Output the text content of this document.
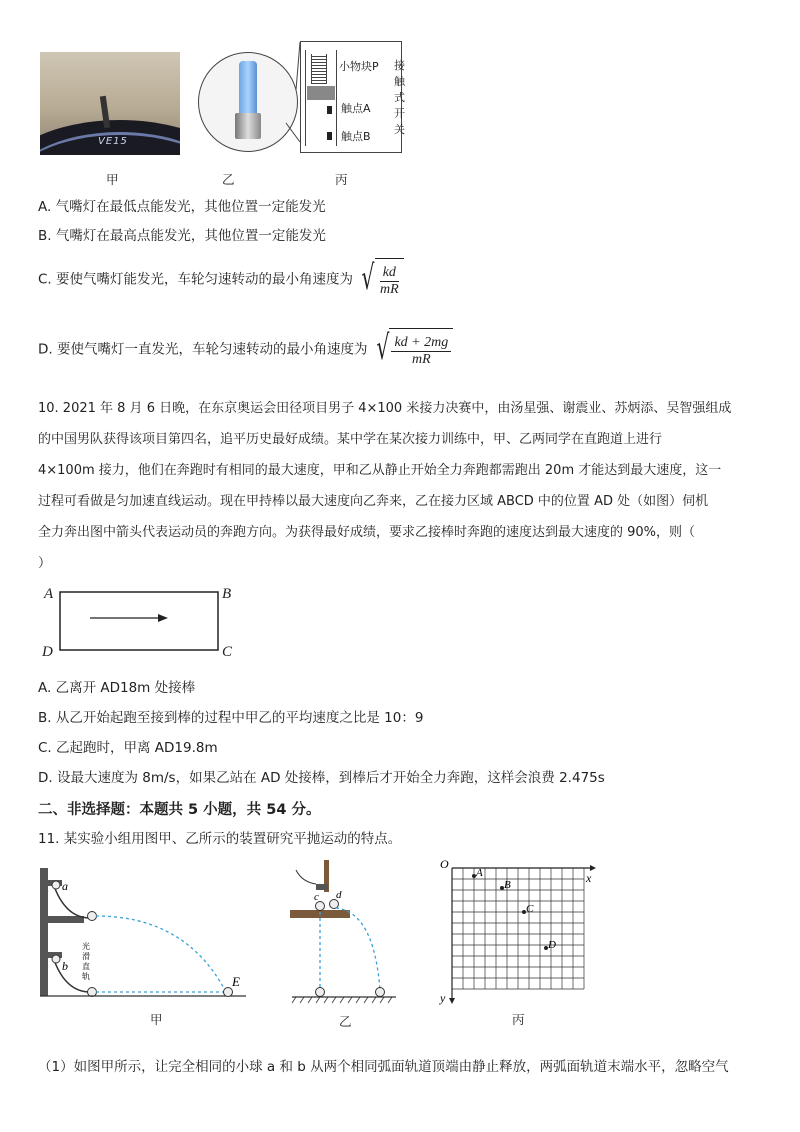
VE15
小物块P
触点A
触点B
接
触
式
开
关
甲	乙	丙
A. 气嘴灯在最低点能发光，其他位置一定能发光
B. 气嘴灯在最高点能发光，其他位置一定能发光
C. 要使气嘴灯能发光，车轮匀速转动的最小角速度为 √ $\frac{kd}{mR}$
D. 要使气嘴灯一直发光，车轮匀速转动的最小角速度为 √ $\frac{kd + 2mg}{mR}$
10. 2021 年 8 月 6 日晚，在东京奥运会田径项目男子 4×100 米接力决赛中，由汤星强、谢震业、苏炳添、吴智强组成
的中国男队获得该项目第四名，追平历史最好成绩。某中学在某次接力训练中，甲、乙两同学在直跑道上进行
4×100m 接力，他们在奔跑时有相同的最大速度，甲和乙从静止开始全力奔跑都需跑出 20m 才能达到最大速度，这一
过程可看做是匀加速直线运动。现在甲持棒以最大速度向乙奔来，乙在接力区域 ABCD 中的位置 AD 处（如图）伺机
全力奔出图中箭头代表运动员的奔跑方向。为获得最好成绩，要求乙接棒时奔跑的速度达到最大速度的 90%，则（
）
A	B
C
D
A. 乙离开 AD18m 处接棒
B. 从乙开始起跑至接到棒的过程中甲乙的平均速度之比是 10：9
C. 乙起跑时，甲离 AD19.8m
D. 设最大速度为 8m/s，如果乙站在 AD 处接棒，到棒后才开始全力奔跑，这样会浪费 2.475s
二、非选择题：本题共 5 小题，共 54 分。
11. 某实验小组用图甲、乙所示的装置研究平抛运动的特点。
a
b
E
光 滑 直 轨
甲
c d
乙
O
x
y
A
B
C
D
丙
（1）如图甲所示，让完全相同的小球 a 和 b 从两个相同弧面轨道顶端由静止释放，两弧面轨道末端水平，忽略空气
